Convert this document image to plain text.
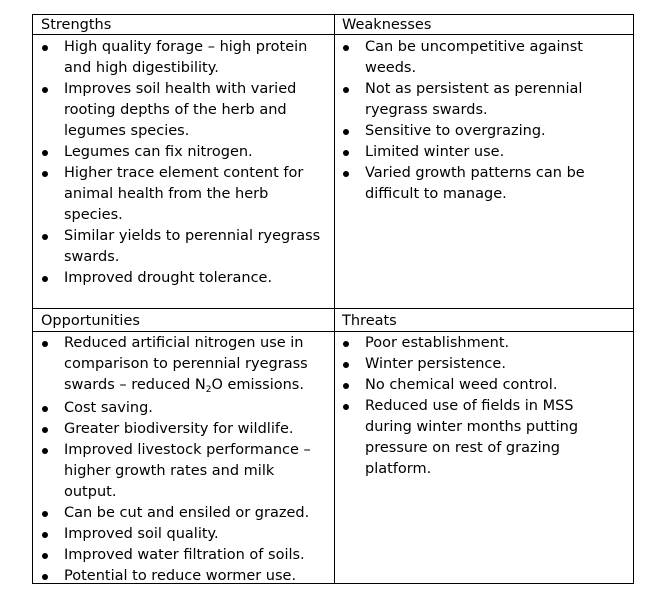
Strengths	Weaknesses
Opportunities	Threats
High quality forage – high protein
and high digestibility.
Improves soil health with varied
rooting depths of the herb and
legumes species.
Legumes can fix nitrogen.
Higher trace element content for
animal health from the herb
species.
Similar yields to perennial ryegrass
swards.
Improved drought tolerance.
Can be uncompetitive against
weeds.
Not as persistent as perennial
ryegrass swards.
Sensitive to overgrazing.
Limited winter use.
Varied growth patterns can be
difficult to manage.
Reduced artificial nitrogen use in
comparison to perennial ryegrass
swards – reduced $N_2O$ emissions.
Cost saving.
Greater biodiversity for wildlife.
Improved livestock performance –
higher growth rates and milk
output.
Can be cut and ensiled or grazed.
Improved soil quality.
Improved water filtration of soils.
Potential to reduce wormer use.
Poor establishment.
Winter persistence.
No chemical weed control.
Reduced use of fields in MSS
during winter months putting
pressure on rest of grazing
platform.
